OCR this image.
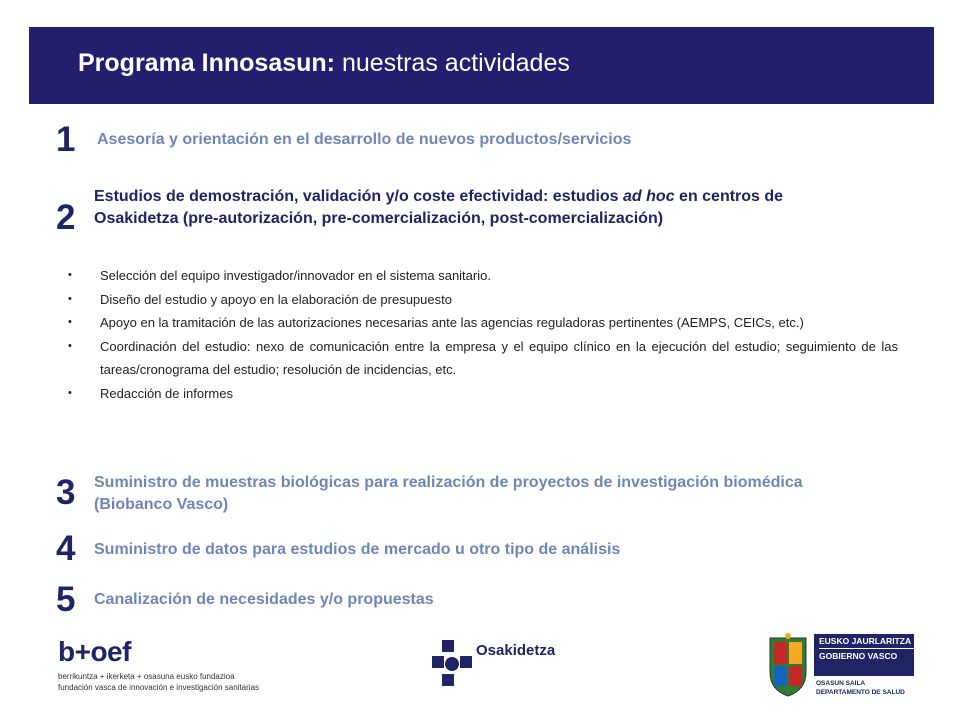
Programa Innosasun: nuestras actividades
1	Asesoría y orientación en el desarrollo de nuevos productos/servicios
2
Estudios de demostración, validación y/o coste efectividad: estudios ad hoc en centros de Osakidetza (pre-autorización, pre-comercialización, post-comercialización)
• Selección del equipo investigador/innovador en el sistema sanitario.
• Diseño del estudio y apoyo en la elaboración de presupuesto
• Apoyo en la tramitación de las autorizaciones necesarias ante las agencias reguladoras pertinentes (AEMPS, CEICs, etc.)
• Coordinación del estudio: nexo de comunicación entre la empresa y el equipo clínico en la ejecución del estudio; seguimiento de las tareas/cronograma del estudio; resolución de incidencias, etc.
• Redacción de informes
3	Suministro de muestras biológicas para realización de proyectos de investigación biomédica (Biobanco Vasco)
4	Suministro de datos para estudios de mercado u otro tipo de análisis
5	Canalización de necesidades y/o propuestas
b+oef
berrikuntza + ikerketa + osasuna eusko fundazioa
fundación vasca de innovación e investigación sanitarias
Osakidetza
EUSKO JAURLARITZA
GOBIERNO VASCO
OSASUN SAILA
DEPARTAMENTO DE SALUD
